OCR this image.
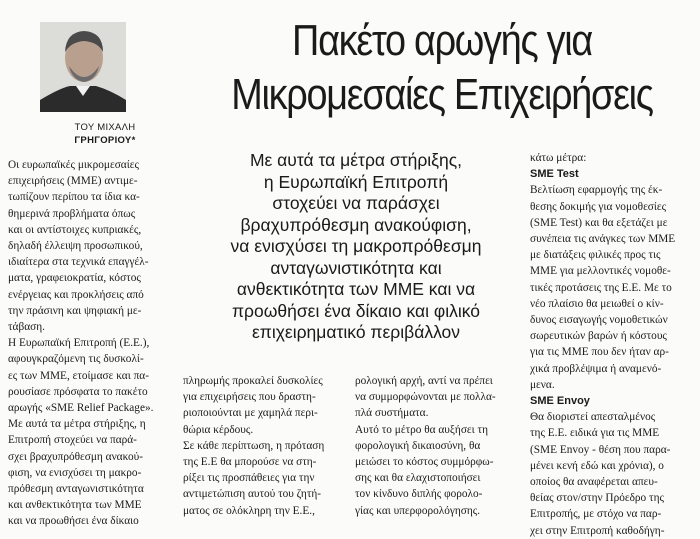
ΤΟΥ ΜΙΧΑΛΗ
ΓΡΗΓΟΡΙΟΥ*
Πακέτο αρωγής για
Μικρομεσαίες Επιχειρήσεις
Με αυτά τα μέτρα στήριξης,
η Ευρωπαϊκή Επιτροπή
στοχεύει να παράσχει
βραχυπρόθεσμη ανακούφιση,
να ενισχύσει τη μακροπρόθεσμη
ανταγωνιστικότητα και
ανθεκτικότητα των ΜΜΕ και να
προωθήσει ένα δίκαιο και φιλικό
επιχειρηματικό περιβάλλον
Οι ευρωπαϊκές μικρομεσαίες
επιχειρήσεις (ΜΜΕ) αντιμε-
τωπίζουν περίπου τα ίδια κα-
θημερινά προβλήματα όπως
και οι αντίστοιχες κυπριακές,
δηλαδή έλλειψη προσωπικού,
ιδιαίτερα στα τεχνικά επαγγέλ-
ματα, γραφειοκρατία, κόστος
ενέργειας και προκλήσεις από
την πράσινη και ψηφιακή με-
τάβαση.
Η Ευρωπαϊκή Επιτροπή (Ε.Ε.),
αφουγκραζόμενη τις δυσκολί-
ες των ΜΜΕ, ετοίμασε και πα-
ρουσίασε πρόσφατα το πακέτο
αρωγής «SME Relief Package».
Με αυτά τα μέτρα στήριξης, η
Επιτροπή στοχεύει να παρά-
σχει βραχυπρόθεσμη ανακού-
φιση, να ενισχύσει τη μακρο-
πρόθεσμη ανταγωνιστικότητα
και ανθεκτικότητα των ΜΜΕ
και να προωθήσει ένα δίκαιο
πληρωμής προκαλεί δυσκολίες
για επιχειρήσεις που δραστη-
ριοποιούνται με χαμηλά περι-
θώρια κέρδους.
Σε κάθε περίπτωση, η πρόταση
της Ε.Ε θα μπορούσε να στη-
ρίξει τις προσπάθειες για την
αντιμετώπιση αυτού του ζητή-
ματος σε ολόκληρη την Ε.Ε.,
ρολογική αρχή, αντί να πρέπει
να συμμορφώνονται με πολλα-
πλά συστήματα.
Αυτό το μέτρο θα αυξήσει τη
φορολογική δικαιοσύνη, θα
μειώσει το κόστος συμμόρφω-
σης και θα ελαχιστοποιήσει
τον κίνδυνο διπλής φορολο-
γίας και υπερφορολόγησης.
κάτω μέτρα:
SME Test
Βελτίωση εφαρμογής της έκ-
θεσης δοκιμής για νομοθεσίες
(SME Test) και θα εξετάζει με
συνέπεια τις ανάγκες των ΜΜΕ
με διατάξεις φιλικές προς τις
ΜΜΕ για μελλοντικές νομοθε-
τικές προτάσεις της Ε.Ε. Με το
νέο πλαίσιο θα μειωθεί ο κίν-
δυνος εισαγωγής νομοθετικών
σωρευτικών βαρών ή κόστους
για τις ΜΜΕ που δεν ήταν αρ-
χικά προβλέψιμα ή αναμενό-
μενα.
SME Envoy
Θα διοριστεί απεσταλμένος
της Ε.Ε. ειδικά για τις ΜΜΕ
(SME Envoy - θέση που παρα-
μένει κενή εδώ και χρόνια), ο
οποίος θα αναφέρεται απευ-
θείας στον/στην Πρόεδρο της
Επιτροπής, με στόχο να παρ-
χει στην Επιτροπή καθοδήγη-
